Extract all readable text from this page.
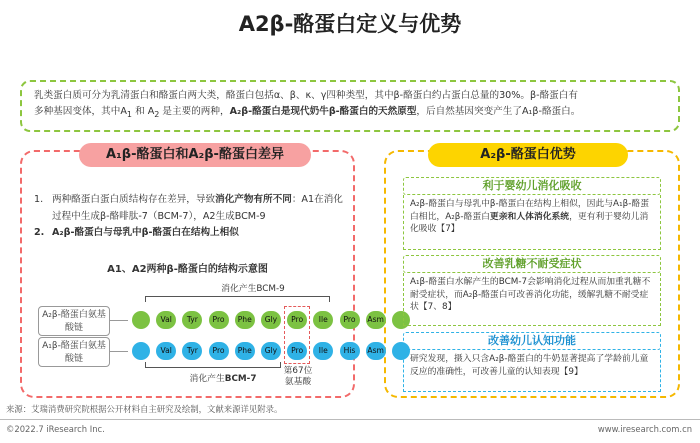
A2β-酪蛋白定义与优势
乳类蛋白质可分为乳清蛋白和酪蛋白两大类，酪蛋白包括α、β、κ、γ四种类型，其中β-酪蛋白约占蛋白总量的30%。β-酪蛋白有
多种基因变体，其中$A_1$ 和 $A_2$ 是主要的两种，A₂β-酪蛋白是现代奶牛β-酪蛋白的天然原型，后自然基因突变产生了A₁β-酪蛋白。
A₁β-酪蛋白和A₂β-酪蛋白差异	A₂β-酪蛋白优势
1. 两种酪蛋白蛋白质结构存在差异，导致消化产物有所不同：A1在消化过程中生成β-酪啡肽-7（BCM-7），A2生成BCM-9
2. A₂β-酪蛋白与母乳中β-酪蛋白在结构上相似
A1、A2两种β-酪蛋白的结构示意图
消化产生BCM-9
A₂β-酪蛋白氨基酸链
Val	Tyr	Pro	Phe	Gly	Pro	Ile	Pro	Asm
A₁β-酪蛋白氨基酸链
Val	Tyr	Pro	Phe	Gly	Pro	Ile	His	Asm
消化产生BCM-7
第67位
氨基酸
利于婴幼儿消化吸收
A₂β-酪蛋白与母乳中β-酪蛋白在结构上相似，因此与A₁β-酪蛋白相比，A₂β-酪蛋白更亲和人体消化系统，更有利于婴幼儿消化吸收【7】
改善乳糖不耐受症状
A₁β-酪蛋白水解产生的BCM-7会影响消化过程从而加重乳糖不耐受症状，而A₂β-酪蛋白可改善消化功能，缓解乳糖不耐受症状【7、8】
改善幼儿认知功能
研究发现，摄入只含A₂β-酪蛋白的牛奶显著提高了学龄前儿童反应的准确性，可改善儿童的认知表现【9】
来源：艾瑞消费研究院根据公开材料自主研究及绘制，文献来源详见附录。
©2022.7 iResearch Inc.	www.iresearch.com.cn
